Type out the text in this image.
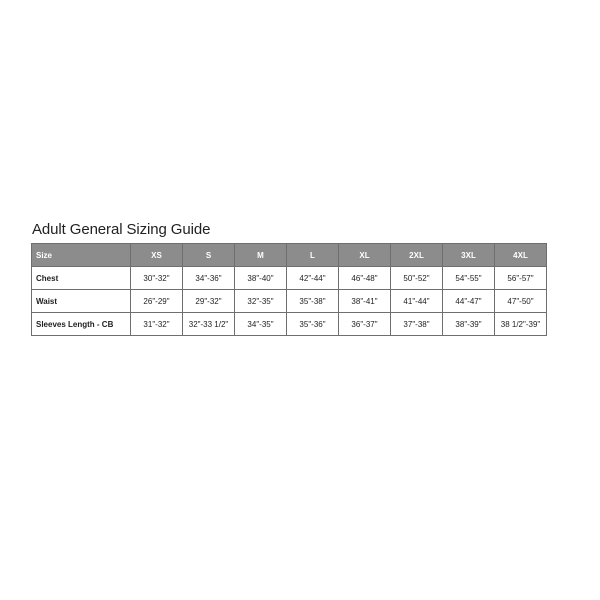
Adult General Sizing Guide
Size	XS	S	M	L	XL	2XL	3XL	4XL
Chest	30"-32"	34"-36"	38"-40"	42"-44"	46"-48"	50"-52"	54"-55"	56"-57"
Waist	26"-29"	29"-32"	32"-35"	35"-38"	38"-41"	41"-44"	44"-47"	47"-50"
Sleeves Length - CB	31"-32"	32"-33 1/2"	34"-35"	35"-36"	36"-37"	37"-38"	38"-39"	38 1/2"-39"
